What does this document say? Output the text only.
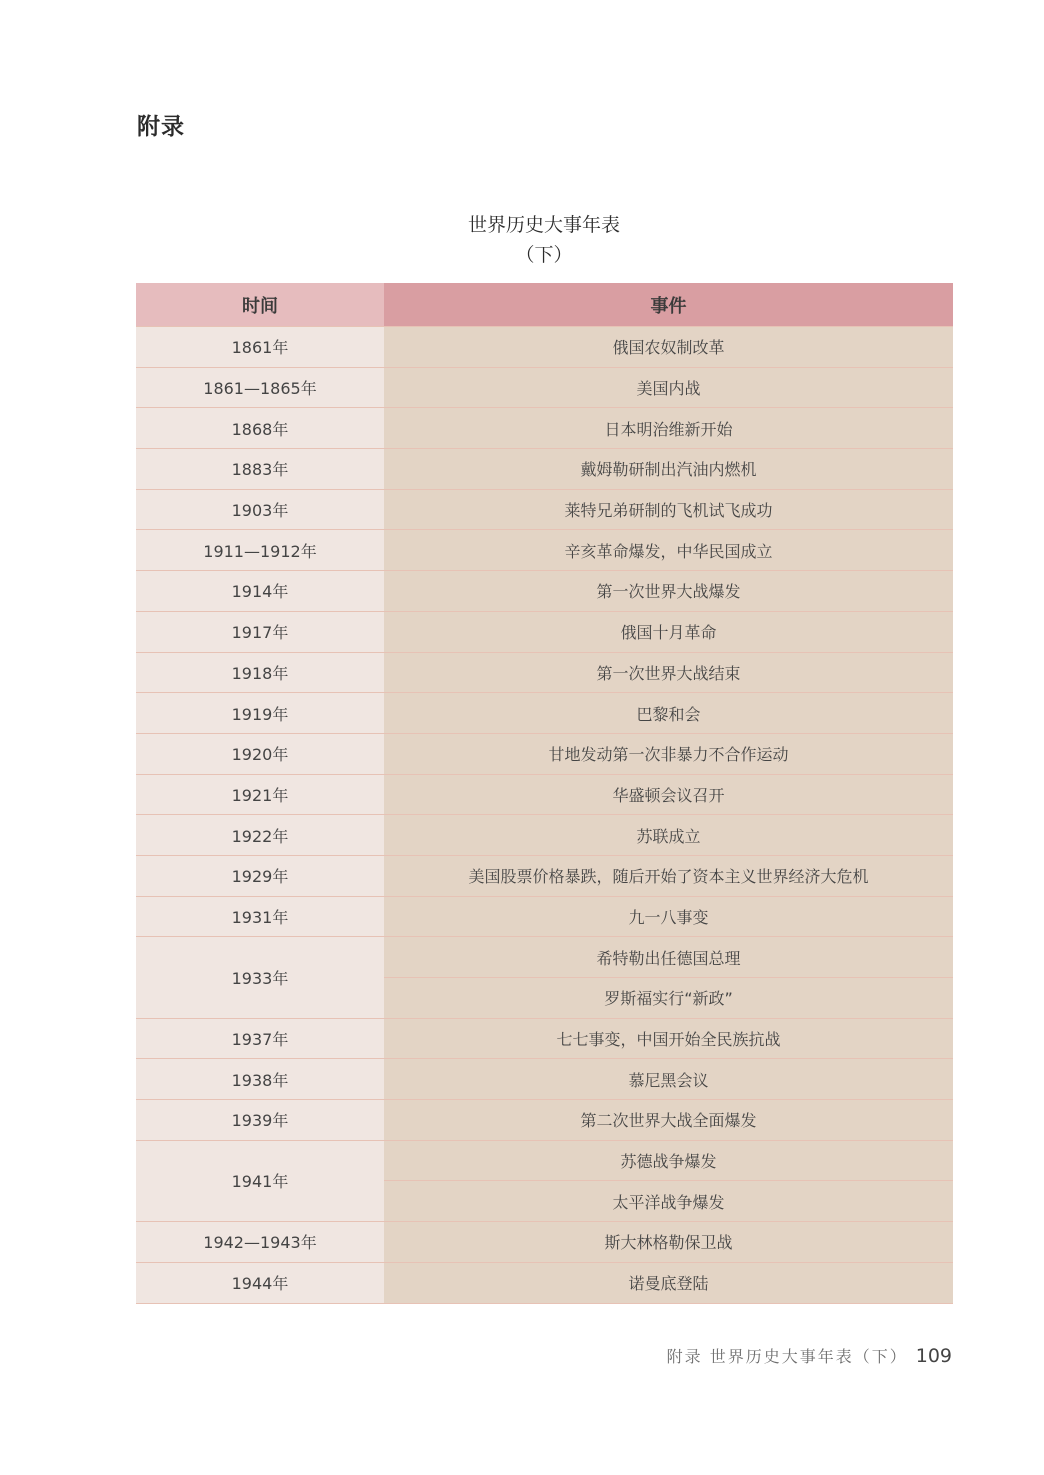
附录
世界历史大事年表
（下）
时间	事件
1861年	俄国农奴制改革
1861—1865年	美国内战
1868年	日本明治维新开始
1883年	戴姆勒研制出汽油内燃机
1903年	莱特兄弟研制的飞机试飞成功
1911—1912年	辛亥革命爆发，中华民国成立
1914年	第一次世界大战爆发
1917年	俄国十月革命
1918年	第一次世界大战结束
1919年	巴黎和会
1920年	甘地发动第一次非暴力不合作运动
1921年	华盛顿会议召开
1922年	苏联成立
1929年	美国股票价格暴跌，随后开始了资本主义世界经济大危机
1931年	九一八事变
1933年	希特勒出任德国总理
	罗斯福实行“新政”
1937年	七七事变，中国开始全民族抗战
1938年	慕尼黑会议
1939年	第二次世界大战全面爆发
1941年	苏德战争爆发
	太平洋战争爆发
1942—1943年	斯大林格勒保卫战
1944年	诺曼底登陆
附录 世界历史大事年表（下） 109
